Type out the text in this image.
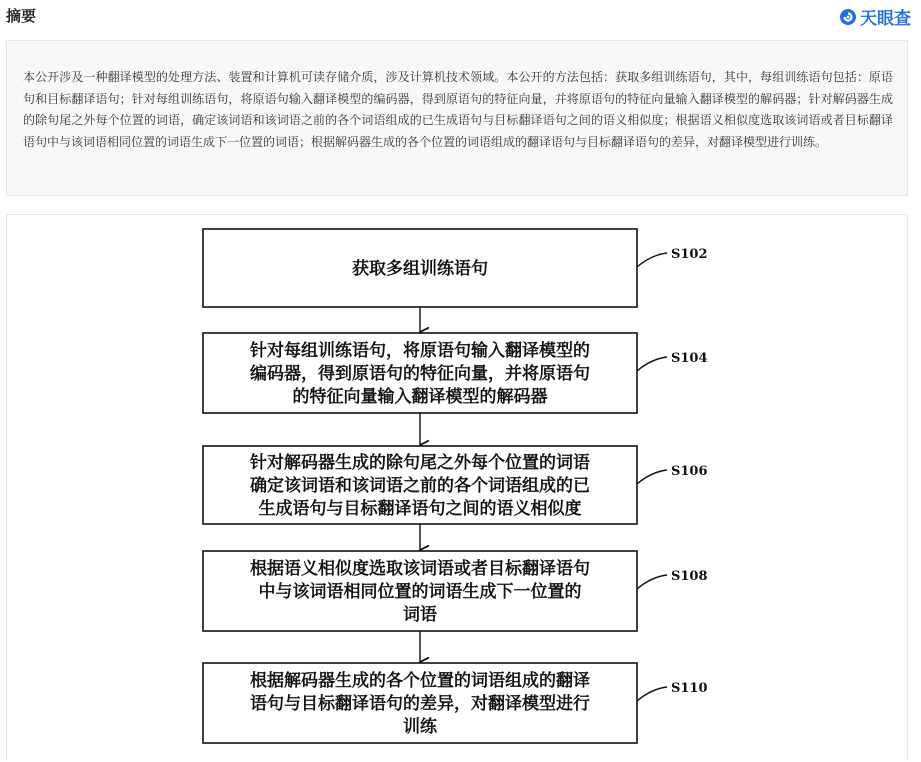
摘要	天眼查

本公开涉及一种翻译模型的处理方法、装置和计算机可读存储介质，涉及计算机技术领域。本公开的方法包括：获取多组训练语句，其中，每组训练语句包括：原语句和目标翻译语句；针对每组训练语句，将原语句输入翻译模型的编码器，得到原语句的特征向量，并将原语句的特征向量输入翻译模型的解码器；针对解码器生成的除句尾之外每个位置的词语，确定该词语和该词语之前的各个词语组成的已生成语句与目标翻译语句之间的语义相似度；根据语义相似度选取该词语或者目标翻译语句中与该词语相同位置的词语生成下一位置的词语；根据解码器生成的各个位置的词语组成的翻译语句与目标翻译语句的差异，对翻译模型进行训练。

获取多组训练语句
S102
针对每组训练语句，将原语句输入翻译模型的
编码器，得到原语句的特征向量，并将原语句
的特征向量输入翻译模型的解码器
S104
针对解码器生成的除句尾之外每个位置的词语
确定该词语和该词语之前的各个词语组成的已
生成语句与目标翻译语句之间的语义相似度
S106
根据语义相似度选取该词语或者目标翻译语句
中与该词语相同位置的词语生成下一位置的
词语
S108
根据解码器生成的各个位置的词语组成的翻译
语句与目标翻译语句的差异，对翻译模型进行
训练
S110
